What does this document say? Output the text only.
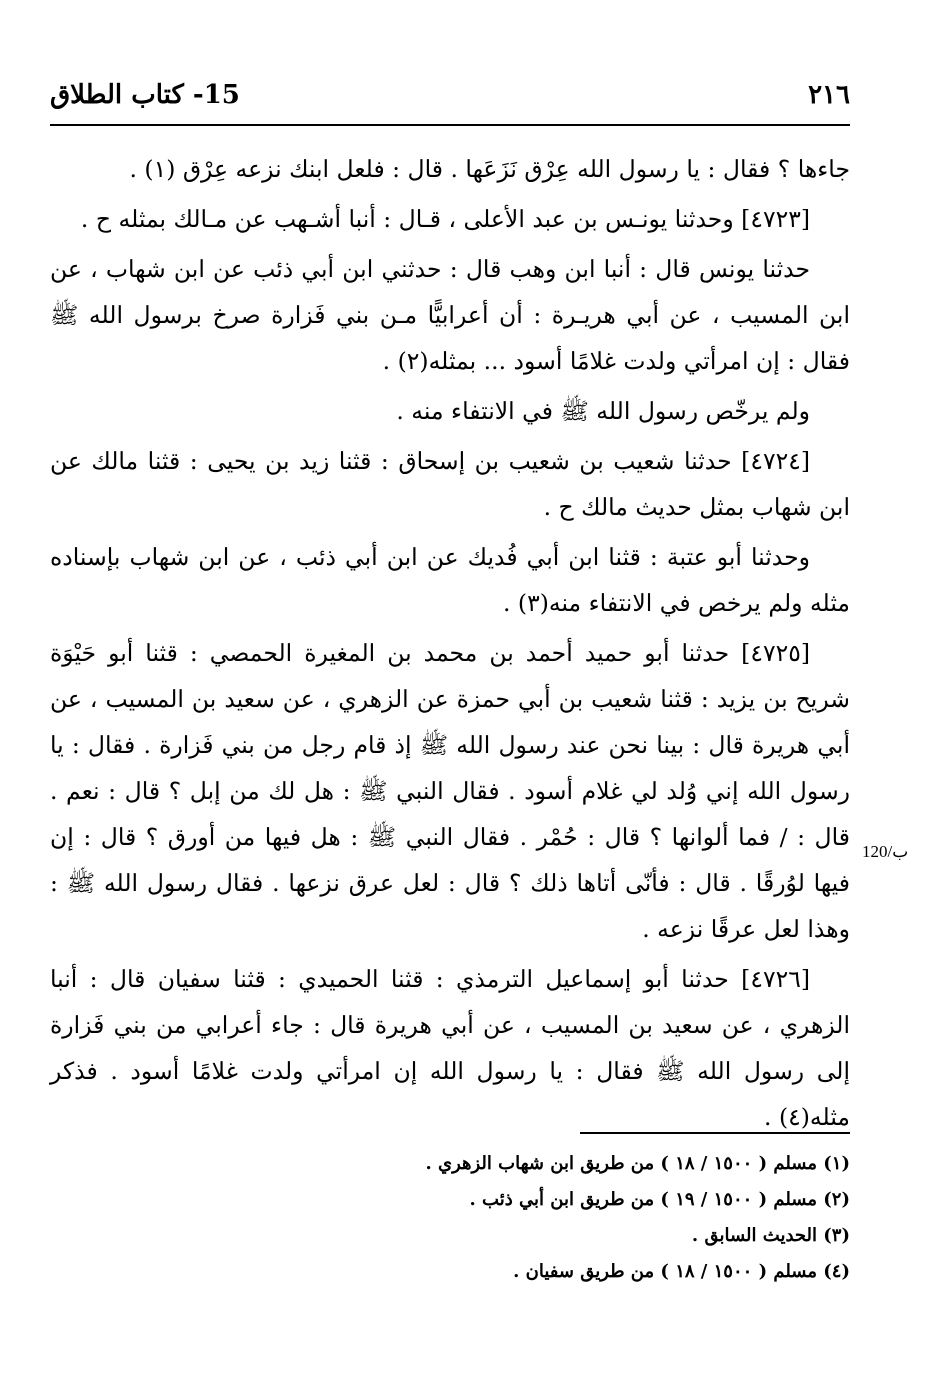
٢١٦
15- كتاب الطلاق
120/ب

جاءها ؟ فقال : يا رسول الله عِرْق نَزَعَها . قال : فلعل ابنك نزعه عِرْق (١) .

[٤٧٢٣] وحدثنا يونـس بن عبد الأعلى ، قـال : أنبا أشـهب عن مـالك بمثله ح .

حدثنا يونس قال : أنبا ابن وهب قال : حدثني ابن أبي ذئب عن ابن شهاب ، عن ابن المسيب ، عن أبي هريـرة : أن أعرابيًّا مـن بني فَزارة صرخ برسول الله ﷺ فقال : إن امرأتي ولدت غلامًا أسود ... بمثله(٢) .

ولم يرخّص رسول الله ﷺ في الانتفاء منه .

[٤٧٢٤] حدثنا شعيب بن شعيب بن إسحاق : قثنا زيد بن يحيى : قثنا مالك عن ابن شهاب بمثل حديث مالك ح .

وحدثنا أبو عتبة : قثنا ابن أبي فُديك عن ابن أبي ذئب ، عن ابن شهاب بإسناده مثله ولم يرخص في الانتفاء منه(٣) .

[٤٧٢٥] حدثنا أبو حميد أحمد بن محمد بن المغيرة الحمصي : قثنا أبو حَيْوَة شريح بن يزيد : قثنا شعيب بن أبي حمزة عن الزهري ، عن سعيد بن المسيب ، عن أبي هريرة قال : بينا نحن عند رسول الله ﷺ إذ قام رجل من بني فَزارة . فقال : يا رسول الله إني وُلد لي غلام أسود . فقال النبي ﷺ : هل لك من إبل ؟ قال : نعم . قال : / فما ألوانها ؟ قال : حُمْر . فقال النبي ﷺ : هل فيها من أورق ؟ قال : إن فيها لوُرقًا . قال : فأنّى أتاها ذلك ؟ قال : لعل عرق نزعها . فقال رسول الله ﷺ : وهذا لعل عرقًا نزعه .

[٤٧٢٦] حدثنا أبو إسماعيل الترمذي : قثنا الحميدي : قثنا سفيان قال : أنبا الزهري ، عن سعيد بن المسيب ، عن أبي هريرة قال : جاء أعرابي من بني فَزارة إلى رسول الله ﷺ فقال : يا رسول الله إن امرأتي ولدت غلامًا أسود . فذكر مثله(٤) .

(١) مسلم ( ١٥٠٠ / ١٨ ) من طريق ابن شهاب الزهري .
(٢) مسلم ( ١٥٠٠ / ١٩ ) من طريق ابن أبي ذئب .
(٣) الحديث السابق .
(٤) مسلم ( ١٥٠٠ / ١٨ ) من طريق سفيان .
